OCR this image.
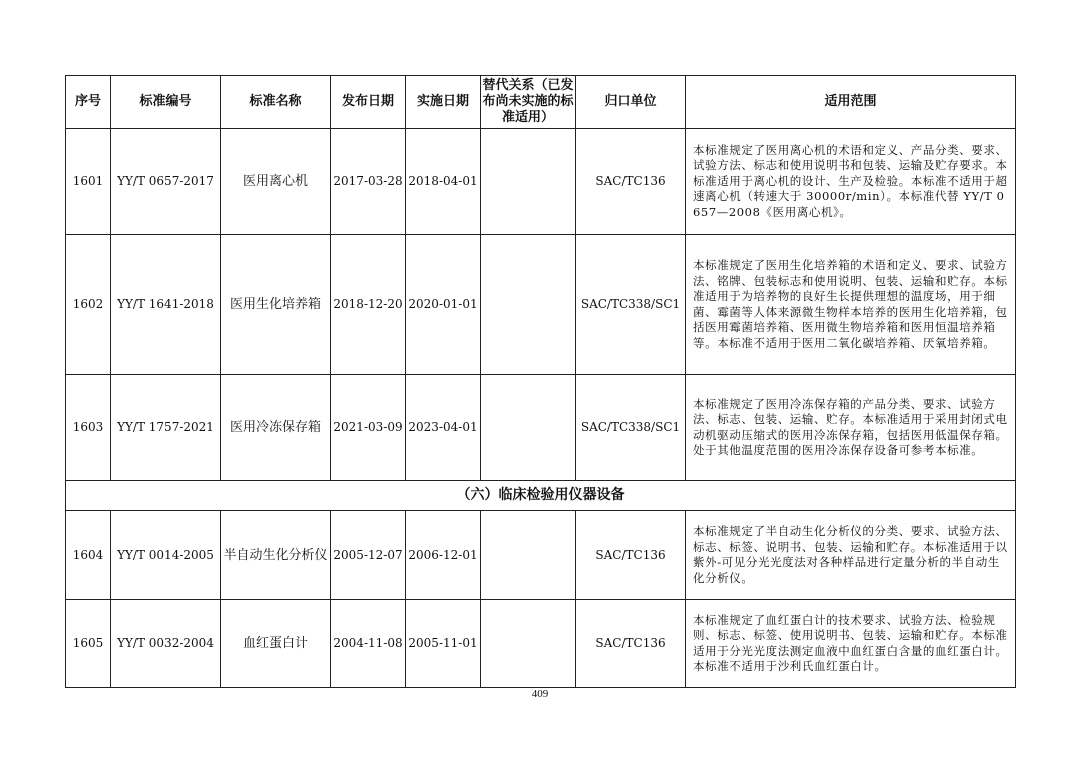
序号	标准编号	标准名称	发布日期	实施日期	替代关系（已发布尚未实施的标准适用）	归口单位	适用范围
1601	YY/T 0657-2017	医用离心机	2017-03-28	2018-04-01		SAC/TC136	本标准规定了医用离心机的术语和定义、产品分类、要求、试验方法、标志和使用说明书和包装、运输及贮存要求。本标准适用于离心机的设计、生产及检验。本标准不适用于超速离心机（转速大于 30000r/min）。本标准代替 YY/T 0657—2008《医用离心机》。
1602	YY/T 1641-2018	医用生化培养箱	2018-12-20	2020-01-01		SAC/TC338/SC1	本标准规定了医用生化培养箱的术语和定义、要求、试验方法、铭牌、包装标志和使用说明、包装、运输和贮存。本标准适用于为培养物的良好生长提供理想的温度场，用于细菌、霉菌等人体来源微生物样本培养的医用生化培养箱，包括医用霉菌培养箱、医用微生物培养箱和医用恒温培养箱等。本标准不适用于医用二氧化碳培养箱、厌氧培养箱。
1603	YY/T 1757-2021	医用冷冻保存箱	2021-03-09	2023-04-01		SAC/TC338/SC1	本标准规定了医用冷冻保存箱的产品分类、要求、试验方法、标志、包装、运输、贮存。本标准适用于采用封闭式电动机驱动压缩式的医用冷冻保存箱，包括医用低温保存箱。处于其他温度范围的医用冷冻保存设备可参考本标准。
（六）临床检验用仪器设备							
1604	YY/T 0014-2005	半自动生化分析仪	2005-12-07	2006-12-01		SAC/TC136	本标准规定了半自动生化分析仪的分类、要求、试验方法、标志、标签、说明书、包装、运输和贮存。本标准适用于以紫外-可见分光光度法对各种样品进行定量分析的半自动生化分析仪。
1605	YY/T 0032-2004	血红蛋白计	2004-11-08	2005-11-01		SAC/TC136	本标准规定了血红蛋白计的技术要求、试验方法、检验规则、标志、标签、使用说明书、包装、运输和贮存。本标准适用于分光光度法测定血液中血红蛋白含量的血红蛋白计。本标准不适用于沙利氏血红蛋白计。
409
